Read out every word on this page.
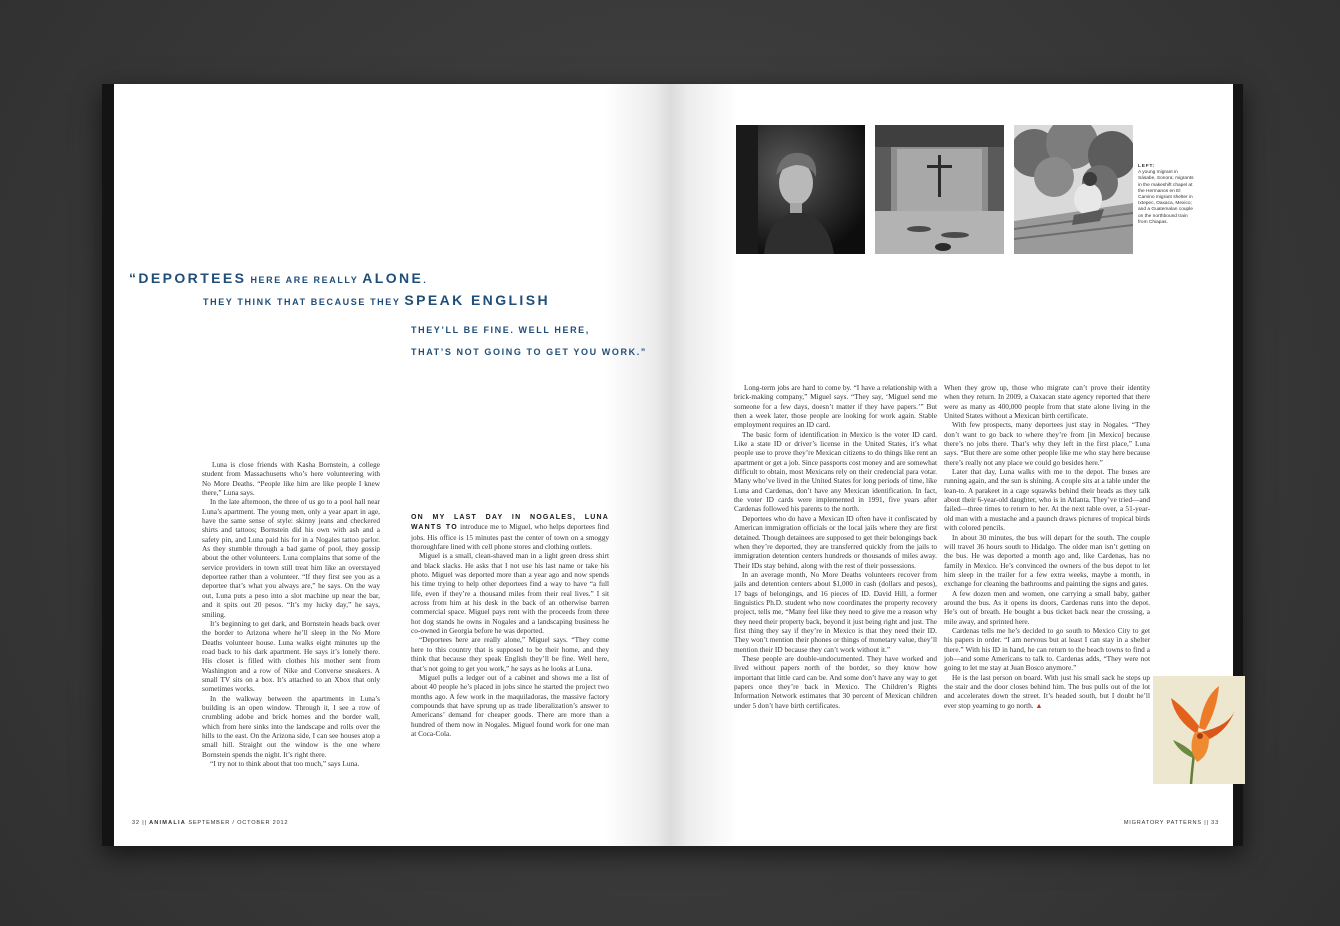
“DEPORTEES HERE ARE REALLY ALONE.
THEY THINK THAT BECAUSE THEY SPEAK ENGLISH
THEY’LL BE FINE. WELL HERE,
THAT’S NOT GOING TO GET YOU WORK.”

Luna is close friends with Kasha Bornstein, a college student from Massachusetts who’s here volunteering with No More Deaths. “People like him are like people I knew there,” Luna says.

In the late afternoon, the three of us go to a pool hall near Luna’s apartment. The young men, only a year apart in age, have the same sense of style: skinny jeans and checkered shirts and tattoos; Bornstein did his own with ash and a safety pin, and Luna paid his for in a Nogales tattoo parlor. As they stumble through a bad game of pool, they gossip about the other volunteers. Luna complains that some of the service providers in town still treat him like an overstayed deportee rather than a volunteer. “If they first see you as a deportee that’s what you always are,” he says. On the way out, Luna puts a peso into a slot machine up near the bar, and it spits out 20 pesos. “It’s my lucky day,” he says, smiling.

It’s beginning to get dark, and Bornstein heads back over the border to Arizona where he’ll sleep in the No More Deaths volunteer house. Luna walks eight minutes up the road back to his dark apartment. He says it’s lonely there. His closet is filled with clothes his mother sent from Washington and a row of Nike and Converse sneakers. A small TV sits on a box. It’s attached to an Xbox that only sometimes works.

In the walkway between the apartments in Luna’s building is an open window. Through it, I see a row of crumbling adobe and brick homes and the border wall, which from here sinks into the landscape and rolls over the hills to the east. On the Arizona side, I can see houses atop a small hill. Straight out the window is the one where Bornstein spends the night. It’s right there.

“I try not to think about that too much,” says Luna.

ON MY LAST DAY IN NOGALES, LUNA WANTS TO introduce me to Miguel, who helps deportees find jobs. His office is 15 minutes past the center of town on a smoggy thoroughfare lined with cell phone stores and clothing outlets.

Miguel is a small, clean-shaved man in a light green dress shirt and black slacks. He asks that I not use his last name or take his photo. Miguel was deported more than a year ago and now spends his time trying to help other deportees find a way to have “a full life, even if they’re a thousand miles from their real lives.” I sit across from him at his desk in the back of an otherwise barren commercial space. Miguel pays rent with the proceeds from three hot dog stands he owns in Nogales and a landscaping business he co-owned in Georgia before he was deported.

“Deportees here are really alone,” Miguel says. “They come here to this country that is supposed to be their home, and they think that because they speak English they’ll be fine. Well here, that’s not going to get you work,” he says as he looks at Luna.

Miguel pulls a ledger out of a cabinet and shows me a list of about 40 people he’s placed in jobs since he started the project two months ago. A few work in the maquiladoras, the massive factory compounds that have sprung up as trade liberalization’s answer to Americans’ demand for cheaper goods. There are more than a hundred of them now in Nogales. Miguel found work for one man at Coca-Cola.

32 || ANIMALIA SEPTEMBER / OCTOBER 2012

Long-term jobs are hard to come by. “I have a relationship with a brick-making company,” Miguel says. “They say, ‘Miguel send me someone for a few days, doesn’t matter if they have papers.’” But then a week later, those people are looking for work again. Stable employment requires an ID card.

The basic form of identification in Mexico is the voter ID card. Like a state ID or driver’s license in the United States, it’s what people use to prove they’re Mexican citizens to do things like rent an apartment or get a job. Since passports cost money and are somewhat difficult to obtain, most Mexicans rely on their credencial para votar. Many who’ve lived in the United States for long periods of time, like Luna and Cardenas, don’t have any Mexican identification. In fact, the voter ID cards were implemented in 1991, five years after Cardenas followed his parents to the north.

Deportees who do have a Mexican ID often have it confiscated by American immigration officials or the local jails where they are first detained. Though detainees are supposed to get their belongings back when they’re deported, they are transferred quickly from the jails to immigration detention centers hundreds or thousands of miles away. Their IDs stay behind, along with the rest of their possessions.

In an average month, No More Deaths volunteers recover from jails and detention centers about $1,000 in cash (dollars and pesos), 17 bags of belongings, and 16 pieces of ID. David Hill, a former linguistics Ph.D. student who now coordinates the property recovery project, tells me, “Many feel like they need to give me a reason why they need their property back, beyond it just being right and just. The first thing they say if they’re in Mexico is that they need their ID. They won’t mention their phones or things of monetary value, they’ll mention their ID because they can’t work without it.”

These people are double-undocumented. They have worked and lived without papers north of the border, so they know how important that little card can be. And some don’t have any way to get papers once they’re back in Mexico. The Children’s Rights Information Network estimates that 30 percent of Mexican children under 5 don’t have birth certificates.

When they grow up, those who migrate can’t prove their identity when they return. In 2009, a Oaxacan state agency reported that there were as many as 400,000 people from that state alone living in the United States without a Mexican birth certificate.

With few prospects, many deportees just stay in Nogales. “They don’t want to go back to where they’re from [in Mexico] because there’s no jobs there. That’s why they left in the first place,” Luna says. “But there are some other people like me who stay here because there’s really not any place we could go besides here.”

Later that day, Luna walks with me to the depot. The buses are running again, and the sun is shining. A couple sits at a table under the lean-to. A parakeet in a cage squawks behind their heads as they talk about their 6-year-old daughter, who is in Atlanta. They’ve tried—and failed—three times to return to her. At the next table over, a 51-year-old man with a mustache and a paunch draws pictures of tropical birds with colored pencils.

In about 30 minutes, the bus will depart for the south. The couple will travel 36 hours south to Hidalgo. The older man isn’t getting on the bus. He was deported a month ago and, like Cardenas, has no family in Mexico. He’s convinced the owners of the bus depot to let him sleep in the trailer for a few extra weeks, maybe a month, in exchange for cleaning the bathrooms and painting the signs and gates.

A few dozen men and women, one carrying a small baby, gather around the bus. As it opens its doors, Cardenas runs into the depot. He’s out of breath. He bought a bus ticket back near the crossing, a mile away, and sprinted here.

Cardenas tells me he’s decided to go south to Mexico City to get his papers in order. “I am nervous but at least I can stay in a shelter there.” With his ID in hand, he can return to the beach towns to find a job—and some Americans to talk to. Cardenas adds, “They were not going to let me stay at Juan Bosco anymore.”

He is the last person on board. With just his small sack he steps up the stair and the door closes behind him. The bus pulls out of the lot and accelerates down the street. It’s headed south, but I doubt he’ll ever stop yearning to go north. ▲

MIGRATORY PATTERNS || 33
LEFT:
A young migrant in Sásabe, Sonora; migrants in the makeshift chapel at the Hermanos en El Camino migrant shelter in Ixtepec, Oaxaca, Mexico; and a Guatemalan couple on the northbound train from Chiapas.
